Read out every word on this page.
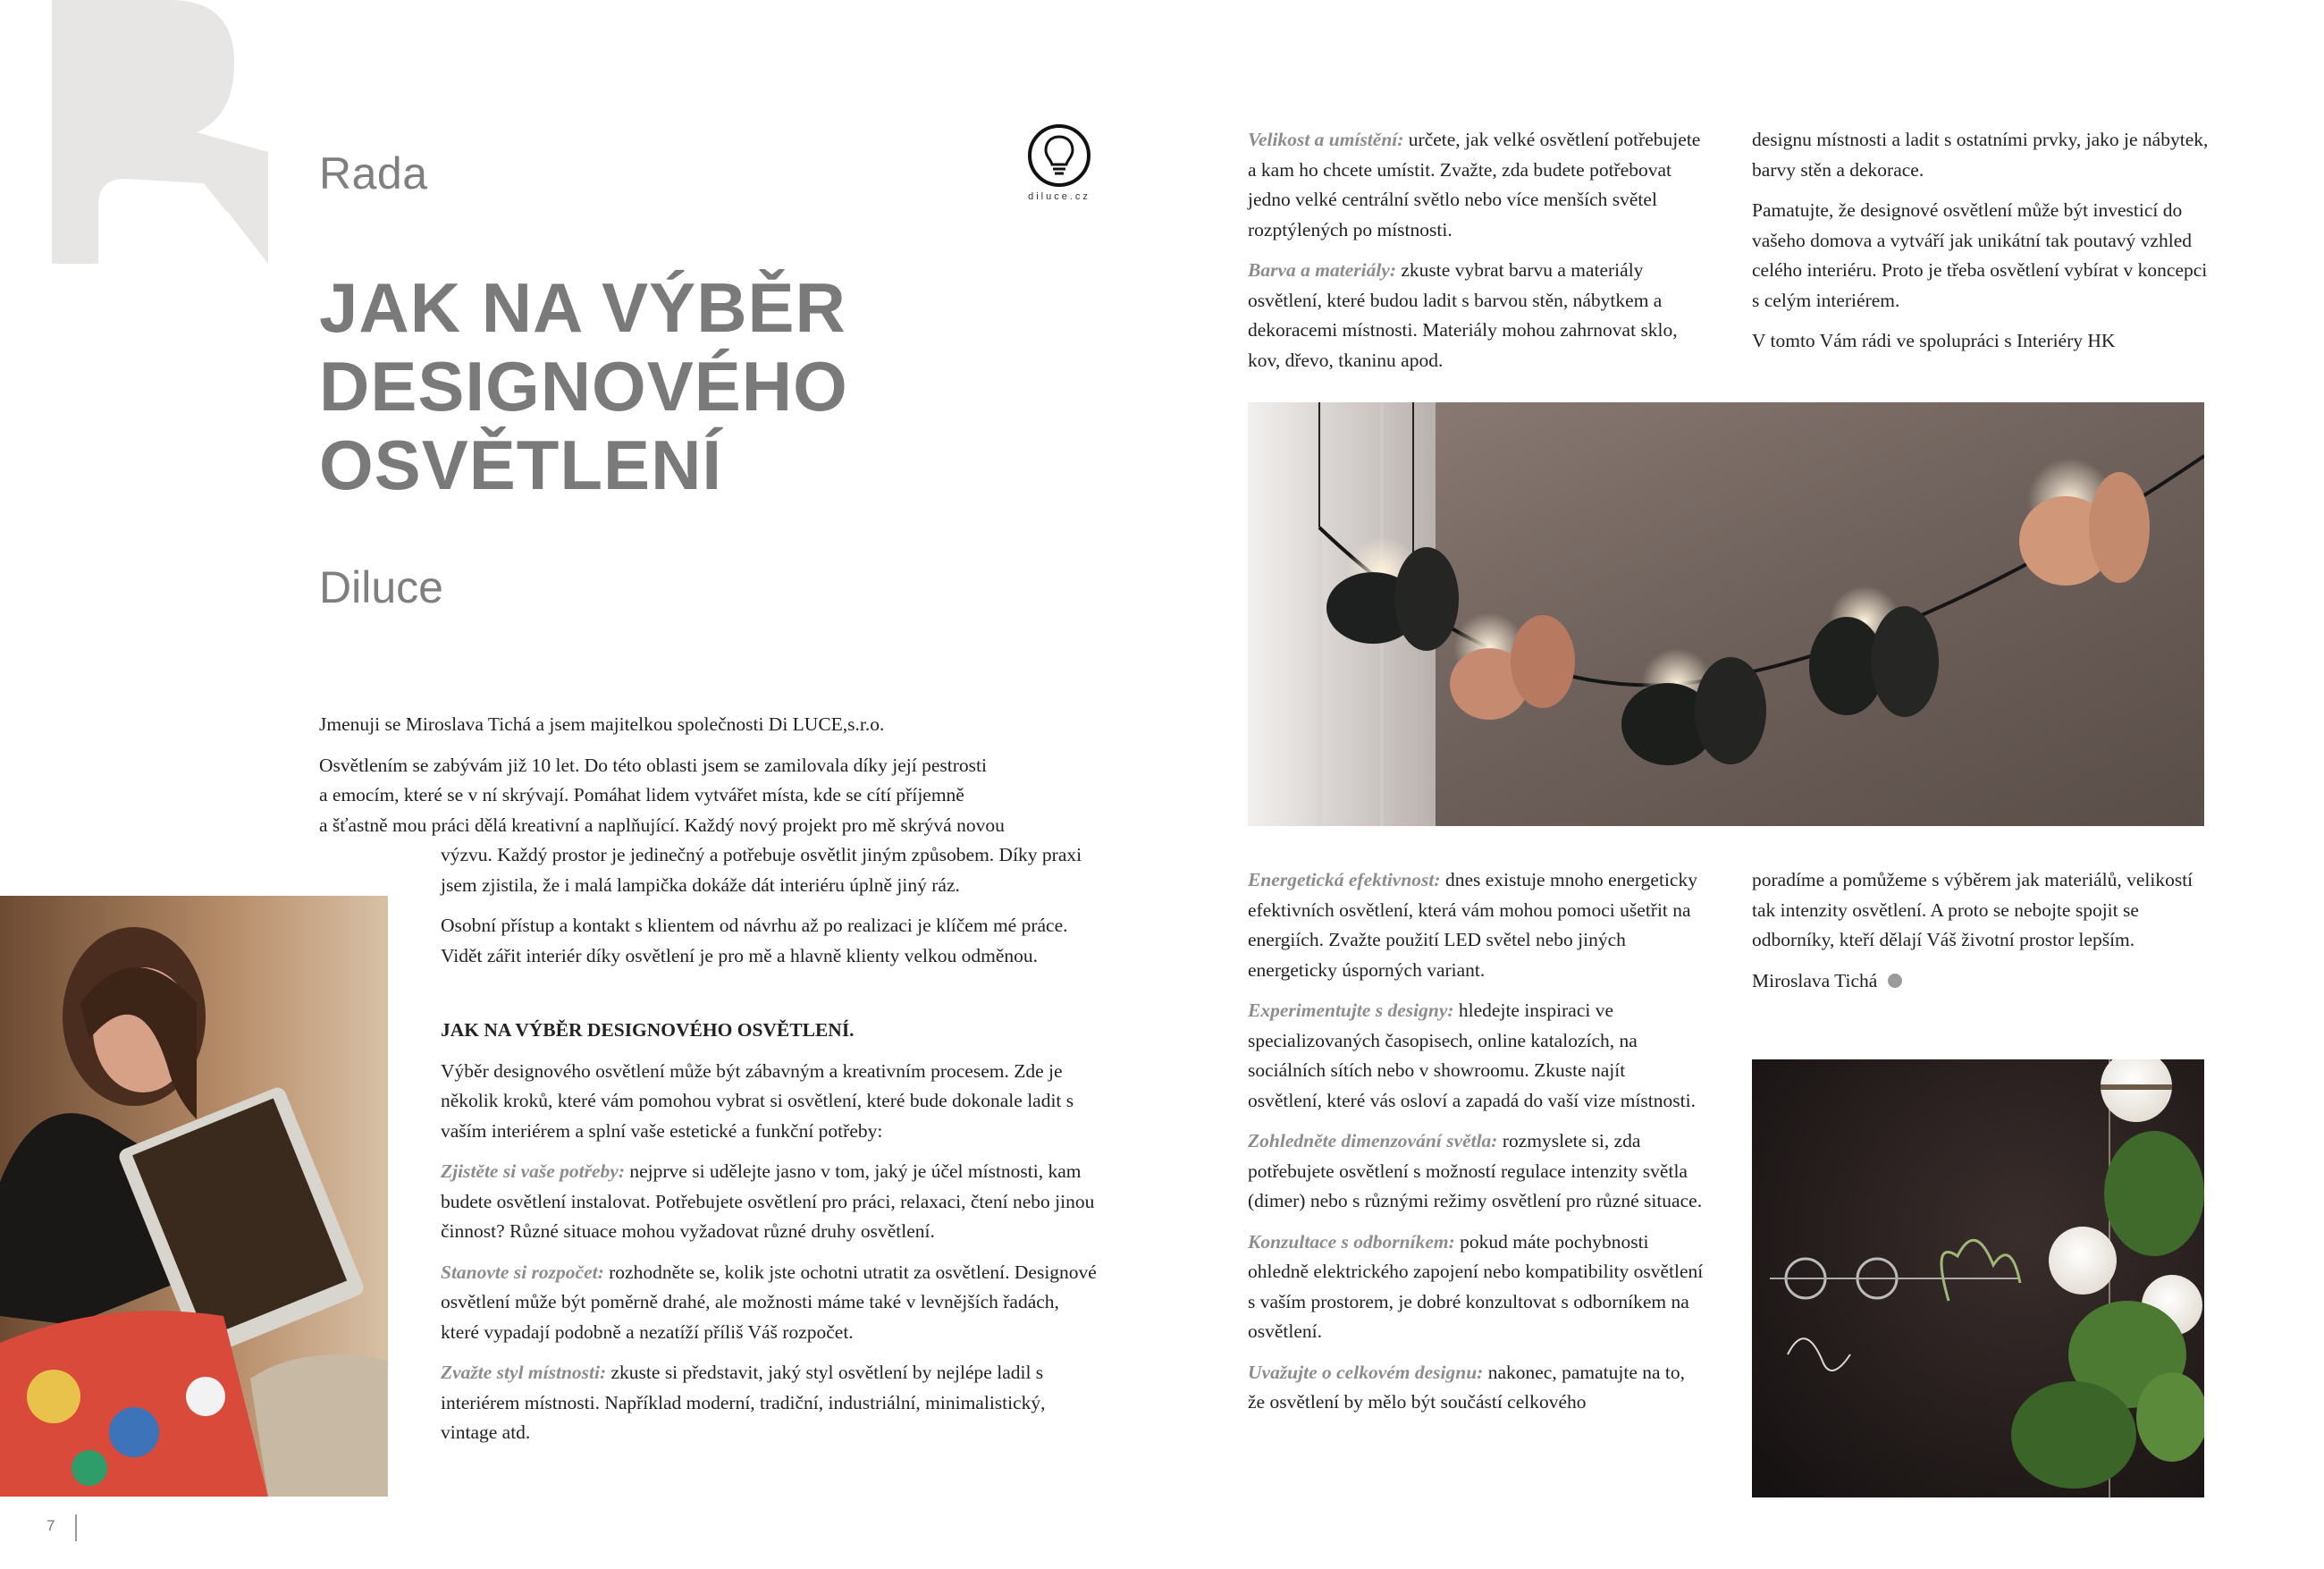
Rada
JAK NA VÝBĚR
DESIGNOVÉHO
OSVĚTLENÍ
Diluce
diluce.cz

Jmenuji se Miroslava Tichá a jsem majitelkou společnosti Di LUCE,s.r.o.

Osvětlením se zabývám již 10 let. Do této oblasti jsem se zamilovala díky její pestrosti
a emocím, které se v ní skrývají. Pomáhat lidem vytvářet místa, kde se cítí příjemně
a šťastně mou práci dělá kreativní a naplňující. Každý nový projekt pro mě skrývá novou

výzvu. Každý prostor je jedinečný a potřebuje osvětlit jiným způsobem. Díky praxi jsem zjistila, že i malá lampička dokáže dát interiéru úplně jiný ráz.

Osobní přístup a kontakt s klientem od návrhu až po realizaci je klíčem mé práce. Vidět zářit interiér díky osvětlení je pro mě a hlavně klienty velkou odměnou.

JAK NA VÝBĚR DESIGNOVÉHO OSVĚTLENÍ.

Výběr designového osvětlení může být zábavným a kreativním procesem. Zde je několik kroků, které vám pomohou vybrat si osvětlení, které bude dokonale ladit s vaším interiérem a splní vaše estetické a funkční potřeby:

Zjistěte si vaše potřeby: nejprve si udělejte jasno v tom, jaký je účel místnosti, kam budete osvětlení instalovat. Potřebujete osvětlení pro práci, relaxaci, čtení nebo jinou činnost? Různé situace mohou vyžadovat různé druhy osvětlení.

Stanovte si rozpočet: rozhodněte se, kolik jste ochotni utratit za osvětlení. Designové osvětlení může být poměrně drahé, ale možnosti máme také v levnějších řadách, které vypadají podobně a nezatíží příliš Váš rozpočet.

Zvažte styl místnosti: zkuste si představit, jaký styl osvětlení by nejlépe ladil s interiérem místnosti. Například moderní, tradiční, industriální, minimalistický, vintage atd.

Velikost a umístění: určete, jak velké osvětlení potřebujete a kam ho chcete umístit. Zvažte, zda budete potřebovat jedno velké centrální světlo nebo více menších světel rozptýlených po místnosti.

Barva a materiály: zkuste vybrat barvu a materiály osvětlení, které budou ladit s barvou stěn, nábytkem a dekoracemi místnosti. Materiály mohou zahrnovat sklo, kov, dřevo, tkaninu apod.

designu místnosti a ladit s ostatními prvky, jako je nábytek, barvy stěn a dekorace.

Pamatujte, že designové osvětlení může být investicí do vašeho domova a vytváří jak unikátní tak poutavý vzhled celého interiéru. Proto je třeba osvětlení vybírat v koncepci s celým interiérem.

V tomto Vám rádi ve spolupráci s Interiéry HK

Energetická efektivnost: dnes existuje mnoho energeticky efektivních osvětlení, která vám mohou pomoci ušetřit na energiích. Zvažte použití LED světel nebo jiných energeticky úsporných variant.

Experimentujte s designy: hledejte inspiraci ve specializovaných časopisech, online katalozích, na sociálních sítích nebo v showroomu. Zkuste najít osvětlení, které vás osloví a zapadá do vaší vize místnosti.

Zohledněte dimenzování světla: rozmyslete si, zda potřebujete osvětlení s možností regulace intenzity světla (dimer) nebo s různými režimy osvětlení pro různé situace.

Konzultace s odborníkem: pokud máte pochybnosti ohledně elektrického zapojení nebo kompatibility osvětlení s vaším prostorem, je dobré konzultovat s odborníkem na osvětlení.

Uvažujte o celkovém designu: nakonec, pamatujte na to, že osvětlení by mělo být součástí celkového

poradíme a pomůžeme s výběrem jak materiálů, velikostí tak intenzity osvětlení. A proto se nebojte spojit se odborníky, kteří dělají Váš životní prostor lepším.

Miroslava Tichá

7
